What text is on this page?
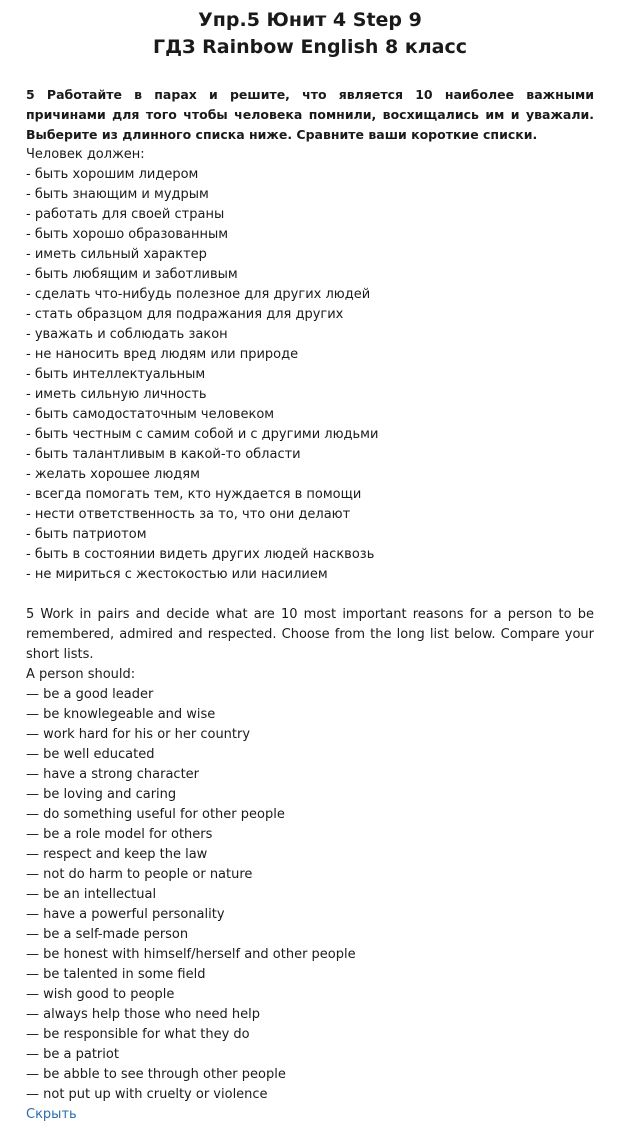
Упр.5 Юнит 4 Step 9
ГДЗ Rainbow English 8 класс
5 Работайте в парах и решите, что является 10 наиболее важными причинами для того чтобы человека помнили, восхищались им и уважали. Выберите из длинного списка ниже. Сравните ваши короткие списки.

Человек должен:

- быть хорошим лидером
- быть знающим и мудрым
- работать для своей страны
- быть хорошо образованным
- иметь сильный характер
- быть любящим и заботливым
- сделать что-нибудь полезное для других людей
- стать образцом для подражания для других
- уважать и соблюдать закон
- не наносить вред людям или природе
- быть интеллектуальным
- иметь сильную личность
- быть самодостаточным человеком
- быть честным с самим собой и с другими людьми
- быть талантливым в какой-то области
- желать хорошее людям
- всегда помогать тем, кто нуждается в помощи
- нести ответственность за то, что они делают
- быть патриотом
- быть в состоянии видеть других людей насквозь
- не мириться с жестокостью или насилием
5 Work in pairs and decide what are 10 most important reasons for a person to be remembered, admired and respected. Choose from the long list below. Compare your short lists.

A person should:

— be a good leader
— be knowlegeable and wise
— work hard for his or her country
— be well educated
— have a strong character
— be loving and caring
— do something useful for other people
— be a role model for others
— respect and keep the law
— not do harm to people or nature
— be an intellectual
— have a powerful personality
— be a self-made person
— be honest with himself/herself and other people
— be talented in some field
— wish good to people
— always help those who need help
— be responsible for what they do
— be a patriot
— be abble to see through other people
— not put up with cruelty or violence
Скрыть
